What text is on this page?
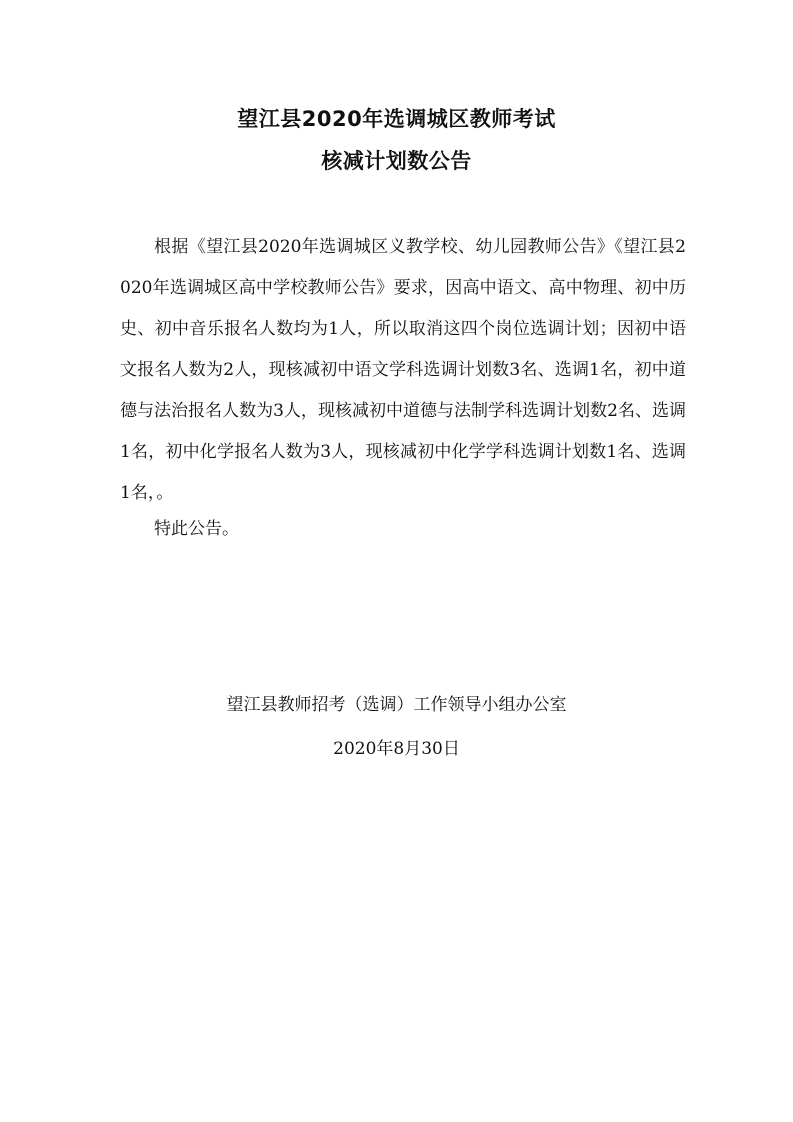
望江县2020年选调城区教师考试
核减计划数公告

根据《望江县2020年选调城区义教学校、幼儿园教师公告》《望江县2020年选调城区高中学校教师公告》要求，因高中语文、高中物理、初中历史、初中音乐报名人数均为1人，所以取消这四个岗位选调计划；因初中语文报名人数为2人，现核减初中语文学科选调计划数3名、选调1名，初中道德与法治报名人数为3人，现核减初中道德与法制学科选调计划数2名、选调1名，初中化学报名人数为3人，现核减初中化学学科选调计划数1名、选调1名，。

特此公告。

望江县教师招考（选调）工作领导小组办公室

2020年8月30日
